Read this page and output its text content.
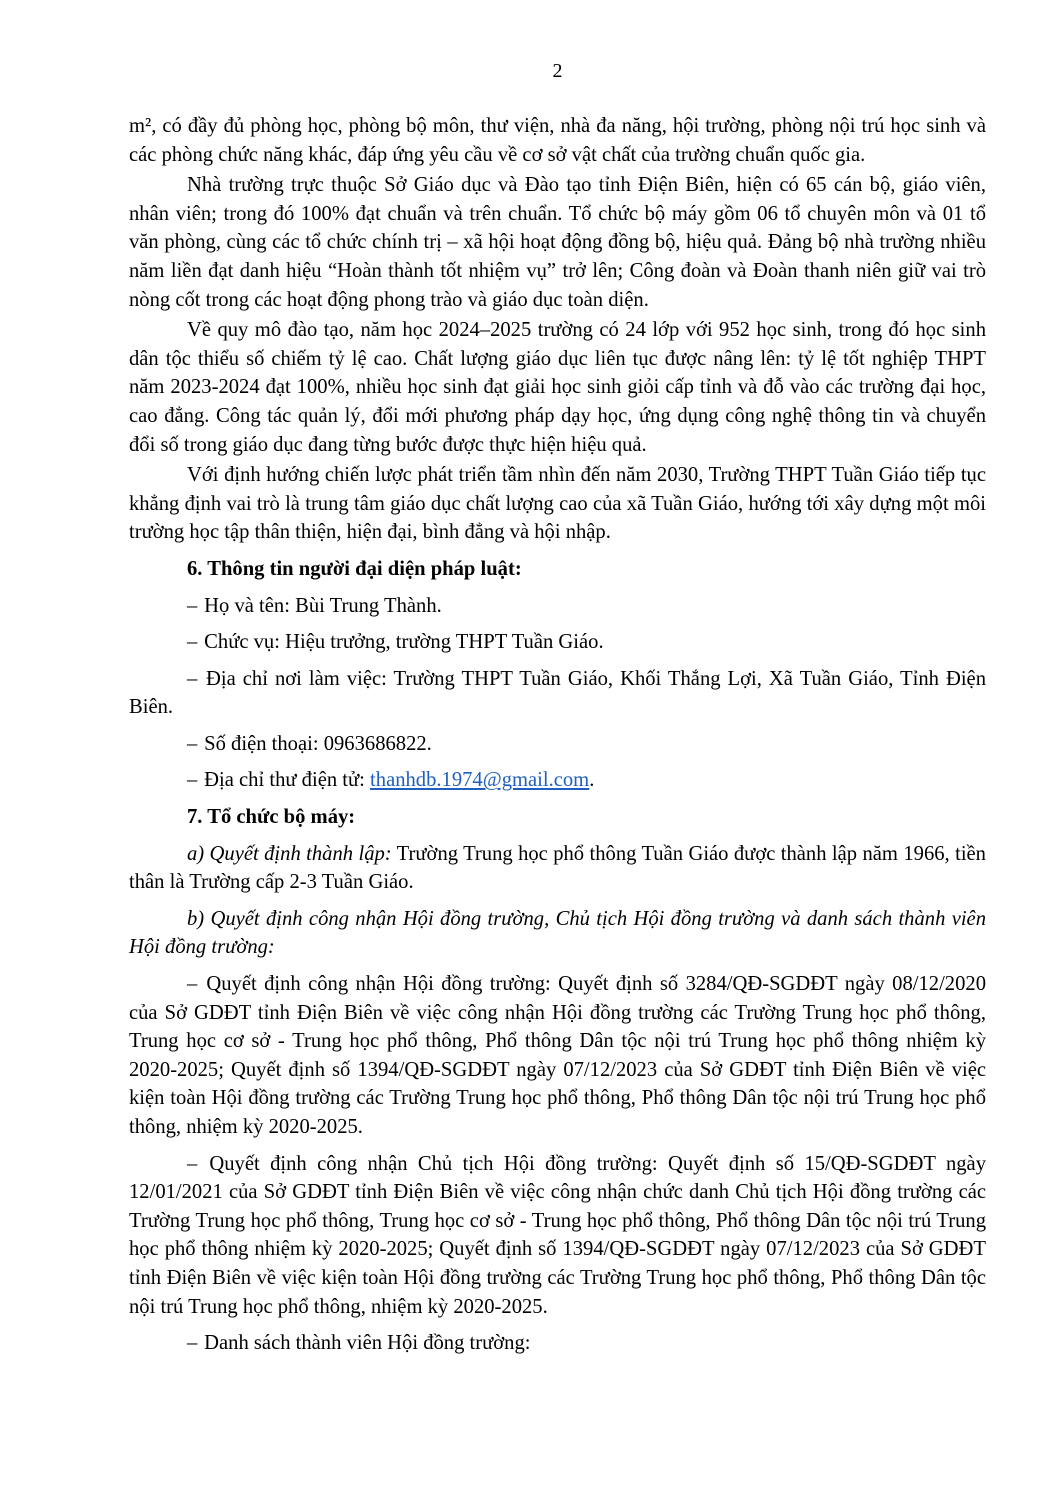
2

m², có đầy đủ phòng học, phòng bộ môn, thư viện, nhà đa năng, hội trường, phòng nội trú học sinh và các phòng chức năng khác, đáp ứng yêu cầu về cơ sở vật chất của trường chuẩn quốc gia.

Nhà trường trực thuộc Sở Giáo dục và Đào tạo tỉnh Điện Biên, hiện có 65 cán bộ, giáo viên, nhân viên; trong đó 100% đạt chuẩn và trên chuẩn. Tổ chức bộ máy gồm 06 tổ chuyên môn và 01 tổ văn phòng, cùng các tổ chức chính trị – xã hội hoạt động đồng bộ, hiệu quả. Đảng bộ nhà trường nhiều năm liền đạt danh hiệu “Hoàn thành tốt nhiệm vụ” trở lên; Công đoàn và Đoàn thanh niên giữ vai trò nòng cốt trong các hoạt động phong trào và giáo dục toàn diện.

Về quy mô đào tạo, năm học 2024–2025 trường có 24 lớp với 952 học sinh, trong đó học sinh dân tộc thiểu số chiếm tỷ lệ cao. Chất lượng giáo dục liên tục được nâng lên: tỷ lệ tốt nghiệp THPT năm 2023-2024 đạt 100%, nhiều học sinh đạt giải học sinh giỏi cấp tỉnh và đỗ vào các trường đại học, cao đẳng. Công tác quản lý, đổi mới phương pháp dạy học, ứng dụng công nghệ thông tin và chuyển đổi số trong giáo dục đang từng bước được thực hiện hiệu quả.

Với định hướng chiến lược phát triển tầm nhìn đến năm 2030, Trường THPT Tuần Giáo tiếp tục khẳng định vai trò là trung tâm giáo dục chất lượng cao của xã Tuần Giáo, hướng tới xây dựng một môi trường học tập thân thiện, hiện đại, bình đẳng và hội nhập.

6. Thông tin người đại diện pháp luật:

– Họ và tên: Bùi Trung Thành.

– Chức vụ: Hiệu trưởng, trường THPT Tuần Giáo.

– Địa chỉ nơi làm việc: Trường THPT Tuần Giáo, Khối Thắng Lợi, Xã Tuần Giáo, Tỉnh Điện Biên.

– Số điện thoại: 0963686822.

– Địa chỉ thư điện tử: thanhdb.1974@gmail.com.

7. Tổ chức bộ máy:

a) Quyết định thành lập: Trường Trung học phổ thông Tuần Giáo được thành lập năm 1966, tiền thân là Trường cấp 2-3 Tuần Giáo.

b) Quyết định công nhận Hội đồng trường, Chủ tịch Hội đồng trường và danh sách thành viên Hội đồng trường:

– Quyết định công nhận Hội đồng trường: Quyết định số 3284/QĐ-SGDĐT ngày 08/12/2020 của Sở GDĐT tỉnh Điện Biên về việc công nhận Hội đồng trường các Trường Trung học phổ thông, Trung học cơ sở - Trung học phổ thông, Phổ thông Dân tộc nội trú Trung học phổ thông nhiệm kỳ 2020-2025; Quyết định số 1394/QĐ-SGDĐT ngày 07/12/2023 của Sở GDĐT tỉnh Điện Biên về việc kiện toàn Hội đồng trường các Trường Trung học phổ thông, Phổ thông Dân tộc nội trú Trung học phổ thông, nhiệm kỳ 2020-2025.

– Quyết định công nhận Chủ tịch Hội đồng trường: Quyết định số 15/QĐ-SGDĐT ngày 12/01/2021 của Sở GDĐT tỉnh Điện Biên về việc công nhận chức danh Chủ tịch Hội đồng trường các Trường Trung học phổ thông, Trung học cơ sở - Trung học phổ thông, Phổ thông Dân tộc nội trú Trung học phổ thông nhiệm kỳ 2020-2025; Quyết định số 1394/QĐ-SGDĐT ngày 07/12/2023 của Sở GDĐT tỉnh Điện Biên về việc kiện toàn Hội đồng trường các Trường Trung học phổ thông, Phổ thông Dân tộc nội trú Trung học phổ thông, nhiệm kỳ 2020-2025.

– Danh sách thành viên Hội đồng trường:
